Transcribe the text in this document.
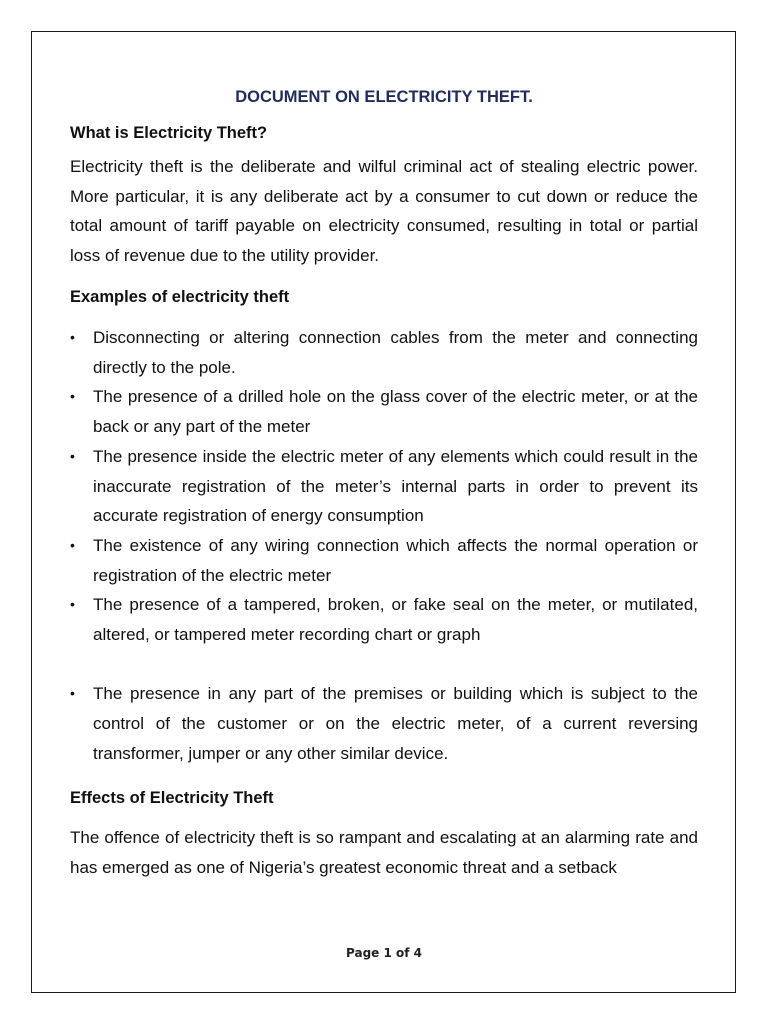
DOCUMENT ON ELECTRICITY THEFT.
What is Electricity Theft?
Electricity theft is the deliberate and wilful criminal act of stealing electric power. More particular, it is any deliberate act by a consumer to cut down or reduce the total amount of tariff payable on electricity consumed, resulting in total or partial loss of revenue due to the utility provider.
Examples of electricity theft
• Disconnecting or altering connection cables from the meter and connecting directly to the pole.
• The presence of a drilled hole on the glass cover of the electric meter, or at the back or any part of the meter
• The presence inside the electric meter of any elements which could result in the inaccurate registration of the meter’s internal parts in order to prevent its accurate registration of energy consumption
• The existence of any wiring connection which affects the normal operation or registration of the electric meter
• The presence of a tampered, broken, or fake seal on the meter, or mutilated, altered, or tampered meter recording chart or graph
• The presence in any part of the premises or building which is subject to the control of the customer or on the electric meter, of a current reversing transformer, jumper or any other similar device.
Effects of Electricity Theft
The offence of electricity theft is so rampant and escalating at an alarming rate and has emerged as one of Nigeria’s greatest economic threat and a setback
Page 1 of 4
